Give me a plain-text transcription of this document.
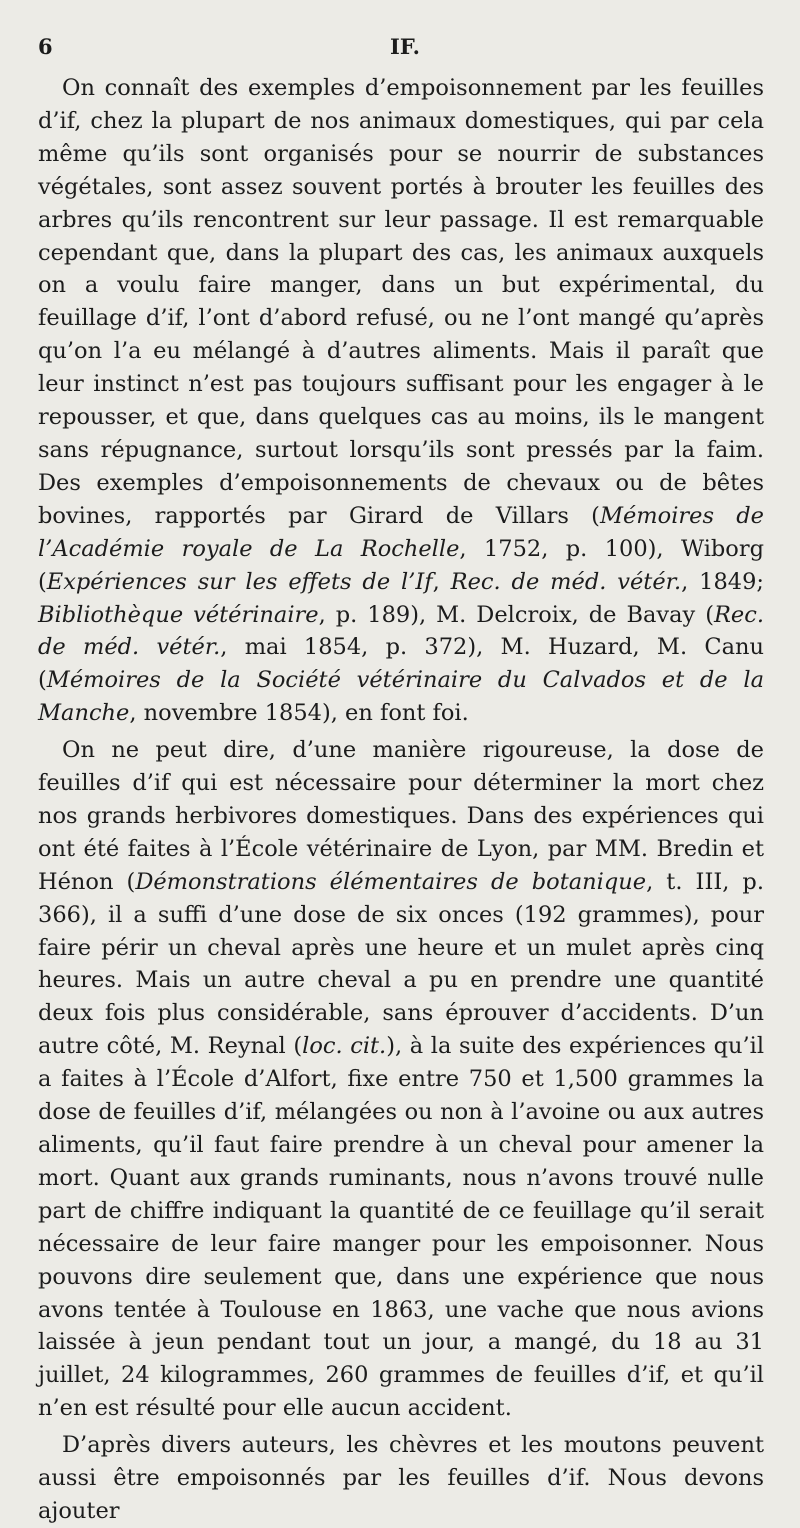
6	IF.

On connaît des exemples d’empoisonnement par les feuilles d’if, chez la plupart de nos animaux domestiques, qui par cela même qu’ils sont organisés pour se nourrir de substances végétales, sont assez souvent portés à brouter les feuilles des arbres qu’ils rencontrent sur leur passage. Il est remarquable cependant que, dans la plupart des cas, les animaux auxquels on a voulu faire manger, dans un but expérimental, du feuillage d’if, l’ont d’abord refusé, ou ne l’ont mangé qu’après qu’on l’a eu mélangé à d’autres aliments. Mais il paraît que leur instinct n’est pas toujours suffisant pour les engager à le repousser, et que, dans quelques cas au moins, ils le mangent sans répugnance, surtout lorsqu’ils sont pressés par la faim. Des exemples d’empoisonnements de chevaux ou de bêtes bovines, rapportés par Girard de Villars (Mémoires de l’Académie royale de La Rochelle, 1752, p. 100), Wiborg (Expériences sur les effets de l’If, Rec. de méd. vétér., 1849; Bibliothèque vétérinaire, p. 189), M. Delcroix, de Bavay (Rec. de méd. vétér., mai 1854, p. 372), M. Huzard, M. Canu (Mémoires de la Société vétérinaire du Calvados et de la Manche, novembre 1854), en font foi.

On ne peut dire, d’une manière rigoureuse, la dose de feuilles d’if qui est nécessaire pour déterminer la mort chez nos grands herbivores domestiques. Dans des expériences qui ont été faites à l’École vétérinaire de Lyon, par MM. Bredin et Hénon (Démonstrations élémentaires de botanique, t. III, p. 366), il a suffi d’une dose de six onces (192 grammes), pour faire périr un cheval après une heure et un mulet après cinq heures. Mais un autre cheval a pu en prendre une quantité deux fois plus considérable, sans éprouver d’accidents. D’un autre côté, M. Reynal (loc. cit.), à la suite des expériences qu’il a faites à l’École d’Alfort, fixe entre 750 et 1,500 grammes la dose de feuilles d’if, mélangées ou non à l’avoine ou aux autres aliments, qu’il faut faire prendre à un cheval pour amener la mort. Quant aux grands ruminants, nous n’avons trouvé nulle part de chiffre indiquant la quantité de ce feuillage qu’il serait nécessaire de leur faire manger pour les empoisonner. Nous pouvons dire seulement que, dans une expérience que nous avons tentée à Toulouse en 1863, une vache que nous avions laissée à jeun pendant tout un jour, a mangé, du 18 au 31 juillet, 24 kilogrammes, 260 grammes de feuilles d’if, et qu’il n’en est résulté pour elle aucun accident.

D’après divers auteurs, les chèvres et les moutons peuvent aussi être empoisonnés par les feuilles d’if. Nous devons ajouter
